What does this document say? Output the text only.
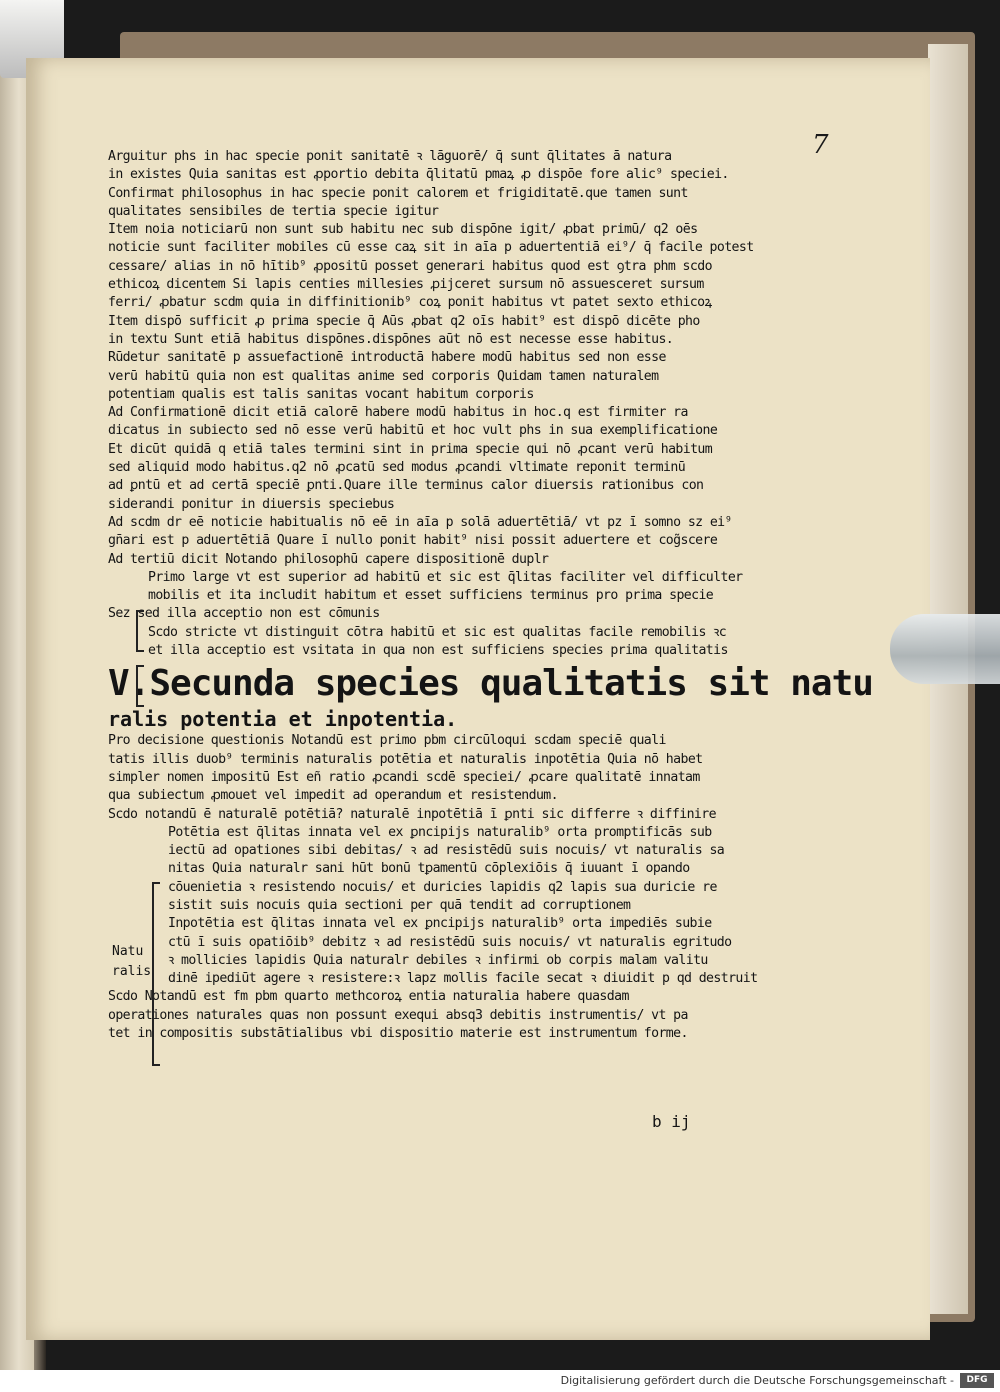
7
Arguitur phs in hac specie ponit sanitatē ꝛ lāguorē/ q̄ sunt q̄litates ā natura
in existes Quia sanitas est ꝓportio debita q̄litatū pmaꝝ ꝓ dispōe fore alic⁹ speciei.
Confirmat philosophus in hac specie ponit calorem et frigiditatē.que tamen sunt
qualitates sensibiles de tertia specie igitur
Item noia noticiarū non sunt sub habitu nec sub dispōne igit/ ꝓbat primū/ q2 oēs
noticie sunt faciliter mobiles cū esse caꝝ sit in aīa p aduertentiā ei⁹/ q̄ facile potest
cessare/ alias in nō hītib⁹ ꝓpositū posset generari habitus quod est ꝯtra phm scdo
ethicoꝝ dicentem Si lapis centies millesies ꝓijceret sursum nō assuesceret sursum
ferri/ ꝓbatur scdm quia in diffinitionib⁹ coꝝ ponit habitus vt patet sexto ethicoꝝ
Item dispō sufficit ꝓ prima specie q̄ Aūs ꝓbat q2 oīs habit⁹ est dispō dicēte pho
in textu Sunt etiā habitus dispōnes.dispōnes aūt nō est necesse esse habitus.
Rūdetur sanitatē p assuefactionē introductā habere modū habitus sed non esse
verū habitū quia non est qualitas anime sed corporis Quidam tamen naturalem
potentiam qualis est talis sanitas vocant habitum corporis
Ad Confirmationē dicit etiā calorē habere modū habitus in hoc.q est firmiter ra
dicatus in subiecto sed nō esse verū habitū et hoc vult phs in sua exemplificatione
Et dicūt quidā q etiā tales termini sint in prima specie qui nō ꝓcant verū habitum
sed aliquid modo habitus.q2 nō ꝓcatū sed modus ꝓcandi vltimate reponit terminū
ad ꝑntū et ad certā speciē ꝑnti.Quare ille terminus calor diuersis rationibus con
siderandi ponitur in diuersis speciebus
Ad scdm dr eē noticie habitualis nō eē in aīa p solā aduertētiā/ vt pz ī somno sz ei⁹
gn̄ari est p aduertētiā Quare ī nullo ponit habit⁹ nisi possit aduertere et cog̃scere
Ad tertiū dicit Notando philosophū capere dispositionē duplr
Primo large vt est superior ad habitū et sic est q̄litas faciliter vel difficulter
mobilis et ita includit habitum et esset sufficiens terminus pro prima specie
Sez sed illa acceptio non est cōmunis
Scdo stricte vt distinguit cōtra habitū et sic est qualitas facile remobilis ꝛc
et illa acceptio est vsitata in qua non est sufficiens species prima qualitatis
V.Secunda species qualitatis sit natu
ralis potentia et inpotentia.
Pro decisione questionis Notandū est primo pbm circūloqui scdam speciē quali
tatis illis duob⁹ terminis naturalis potētia et naturalis inpotētia Quia nō habet
simpler nomen impositū Est eñ ratio ꝓcandi scdē speciei/ ꝓcare qualitatē innatam
qua subiectum ꝓmouet vel impedit ad operandum et resistendum.
Scdo notandū ē naturalē potētiā? naturalē inpotētiā ī ꝑnti sic differre ꝛ diffinire
Potētia est q̄litas innata vel ex ꝑncipijs naturalib⁹ orta promptificās sub
iectū ad opationes sibi debitas/ ꝛ ad resistēdū suis nocuis/ vt naturalis sa
nitas Quia naturalr sani hūt bonū tꝑamentū cōplexiōis q̄ iuuant ī opando
cōuenietia ꝛ resistendo nocuis/ et duricies lapidis q2 lapis sua duricie re
sistit suis nocuis quia sectioni per quā tendit ad corruptionem
Inpotētia est q̄litas innata vel ex ꝑncipijs naturalib⁹ orta impediēs subie
ctū ī suis opatiōib⁹ debitz ꝛ ad resistēdū suis nocuis/ vt naturalis egritudo
ꝛ mollicies lapidis Quia naturalr debiles ꝛ infirmi ob corpis malam valitu
dinē ipediūt agere ꝛ resistere:ꝛ lapz mollis facile secat ꝛ diuidit p qd destruit
Scdo Notandū est fm pbm quarto methcoroꝝ entia naturalia habere quasdam
operationes naturales quas non possunt exequi absq3 debitis instrumentis/ vt pa
tet in compositis substātialibus vbi dispositio materie est instrumentum forme.
Natu
ralis
b ij
Digitalisierung gefördert durch die Deutsche Forschungsgemeinschaft -	DFG
